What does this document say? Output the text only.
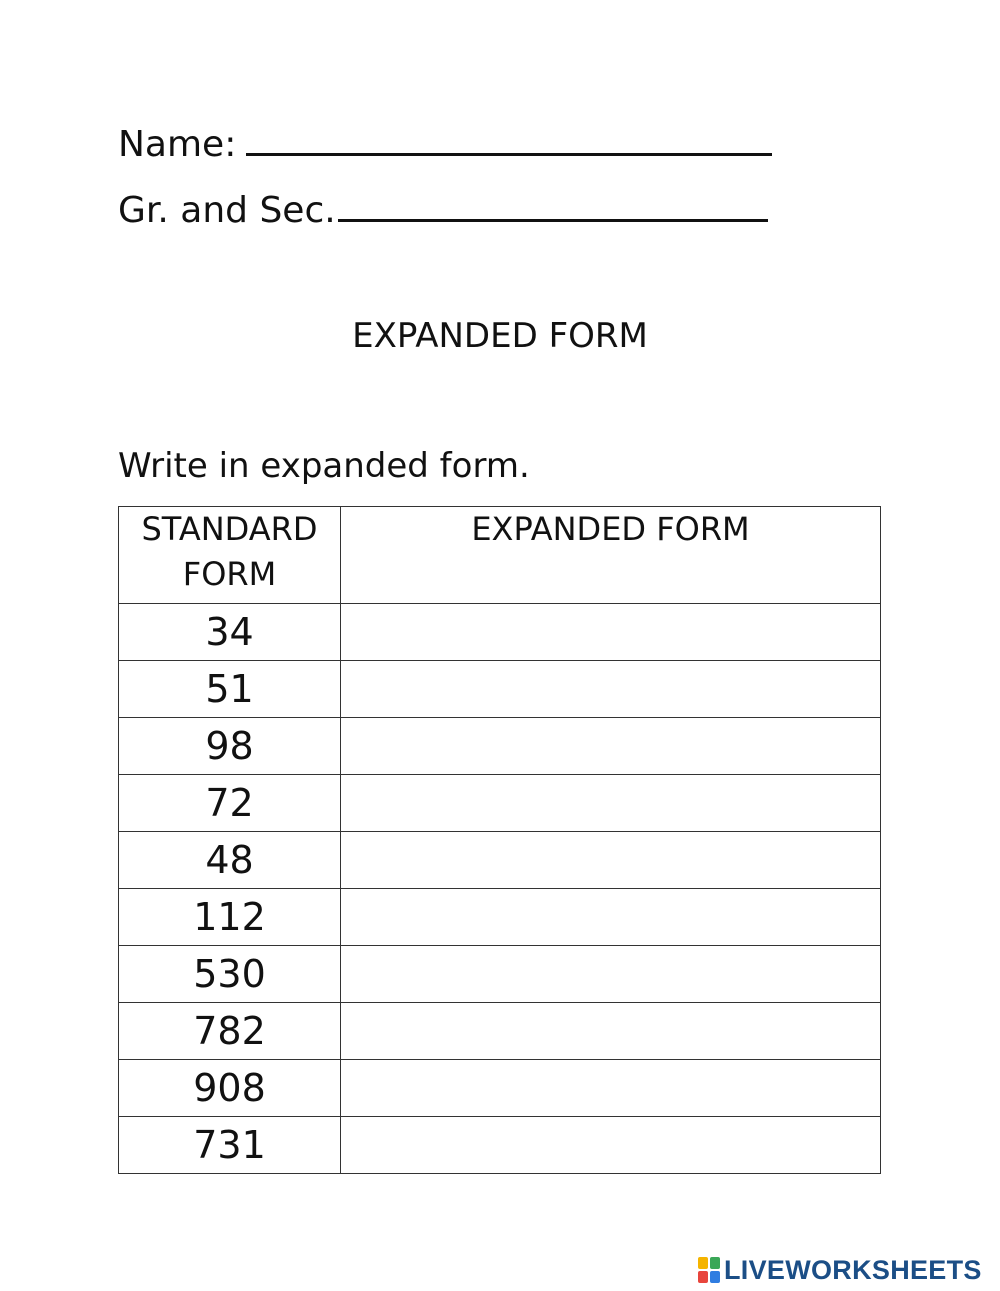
Name:
Gr. and Sec.
EXPANDED FORM
Write in expanded form.
STANDARD FORM	EXPANDED FORM
34	
51	
98	
72	
48	
112	
530	
782	
908	
731	
LIVEWORKSHEETS
